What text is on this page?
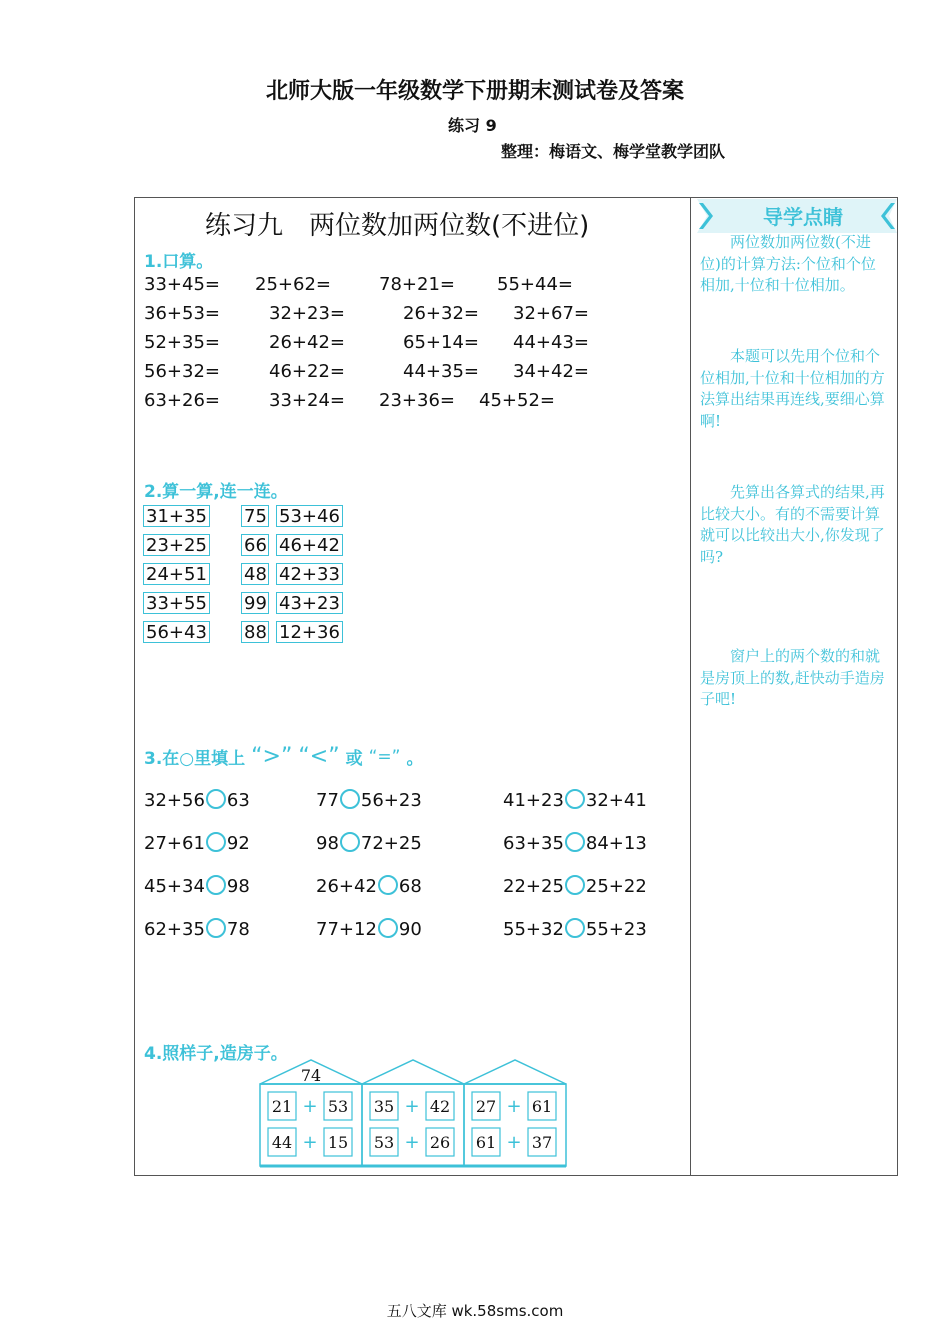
北师大版一年级数学下册期末测试卷及答案
练习 9
整理：梅语文、梅学堂教学团队
练习九　两位数加两位数(不进位)
1.口算。
33+45= 25+62=	78+21= 55+44=
36+53=	32+23=	26+32= 32+67=
52+35=	26+42=	65+14= 44+43=
56+32=	46+22=	44+35= 34+42=
63+26=	33+24= 23+36= 45+52=
2.算一算,连一连。
31+35 75 53+46
23+25 66 46+42
24+51 48 42+33
33+55 99 43+23
56+43 88 12+36
3.在○里填上 “>” “<” 或 “=” 。
32+56 63	77 56+23	41+23 32+41
27+61 92	98 72+25	63+35 84+13
45+34 98	26+42 68	22+25 25+22
62+35 78	77+12 90	55+32 55+23
4.照样子,造房子。
74
21 53
+
44 15
+
35 42
+
53 26
+
27 61
+
61 37
+
导学点睛
两位数加两位数(不进位)的计算方法:个位和个位相加,十位和十位相加。
本题可以先用个位和个位相加,十位和十位相加的方法算出结果再连线,要细心算啊!
先算出各算式的结果,再比较大小。有的不需要计算就可以比较出大小,你发现了吗?
窗户上的两个数的和就是房顶上的数,赶快动手造房子吧!
五八文库 wk.58sms.com
